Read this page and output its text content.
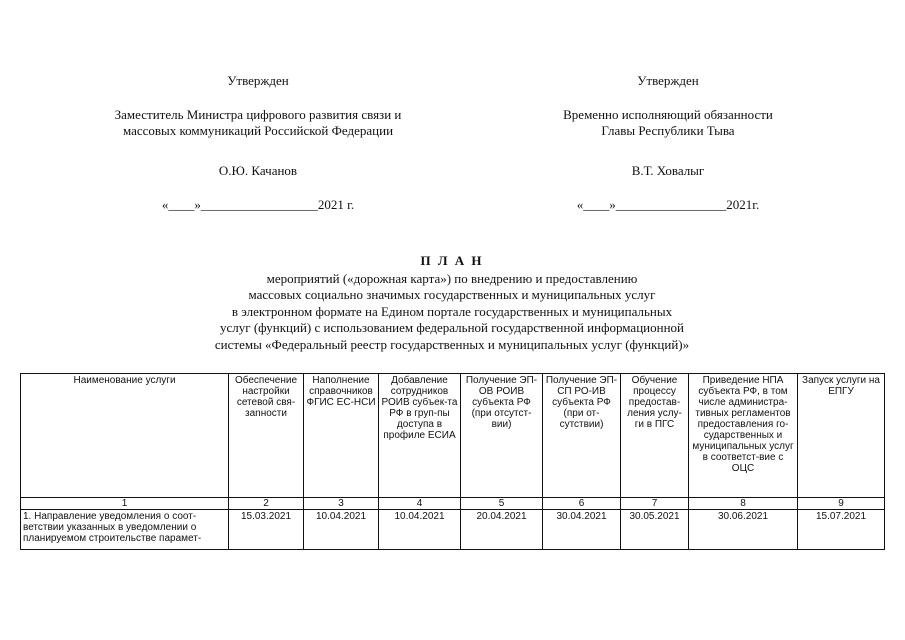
Утвержден
Заместитель Министра цифрового развития связи и
массовых коммуникаций Российской Федерации
О.Ю. Качанов
«____»__________________2021 г.
Утвержден
Временно исполняющий обязанности
Главы Республики Тыва
В.Т. Ховалыг
«____»_________________2021г.
П Л А Н
мероприятий («дорожная карта») по внедрению и предоставлению
массовых социально значимых государственных и муниципальных услуг
в электронном формате на Едином портале государственных и муниципальных
услуг (функций) с использованием федеральной государственной информационной
системы «Федеральный реестр государственных и муниципальных услуг (функций)»
Наименование услуги	Обеспечение настройки сетевой свя-зanности	Наполнение справочников ФГИС ЕС-НСИ	Добавление сотрудников РОИВ субъек-та РФ в груп-пы доступа в профиле ЕСИА	Получение ЭП-ОВ РОИВ субъекта РФ (при отсутст-вии)	Получение ЭП-СП РО-ИВ субъекта РФ (при от-сутствии)	Обучение процессу предостав-ления услу-ги в ПГС	Приведение НПА субъекта РФ, в том числе администра-тивных регламентов предоставления го-сударственных и муниципальных услуг в соответст-вие с ОЦС	Запуск услуги на ЕПГУ
1	2	3	4	5	6	7	8	9
1. Направление уведомления о соот-ветствии указанных в уведомлении о планируемом строительстве парамет-	15.03.2021	10.04.2021	10.04.2021	20.04.2021	30.04.2021	30.05.2021	30.06.2021	15.07.2021
